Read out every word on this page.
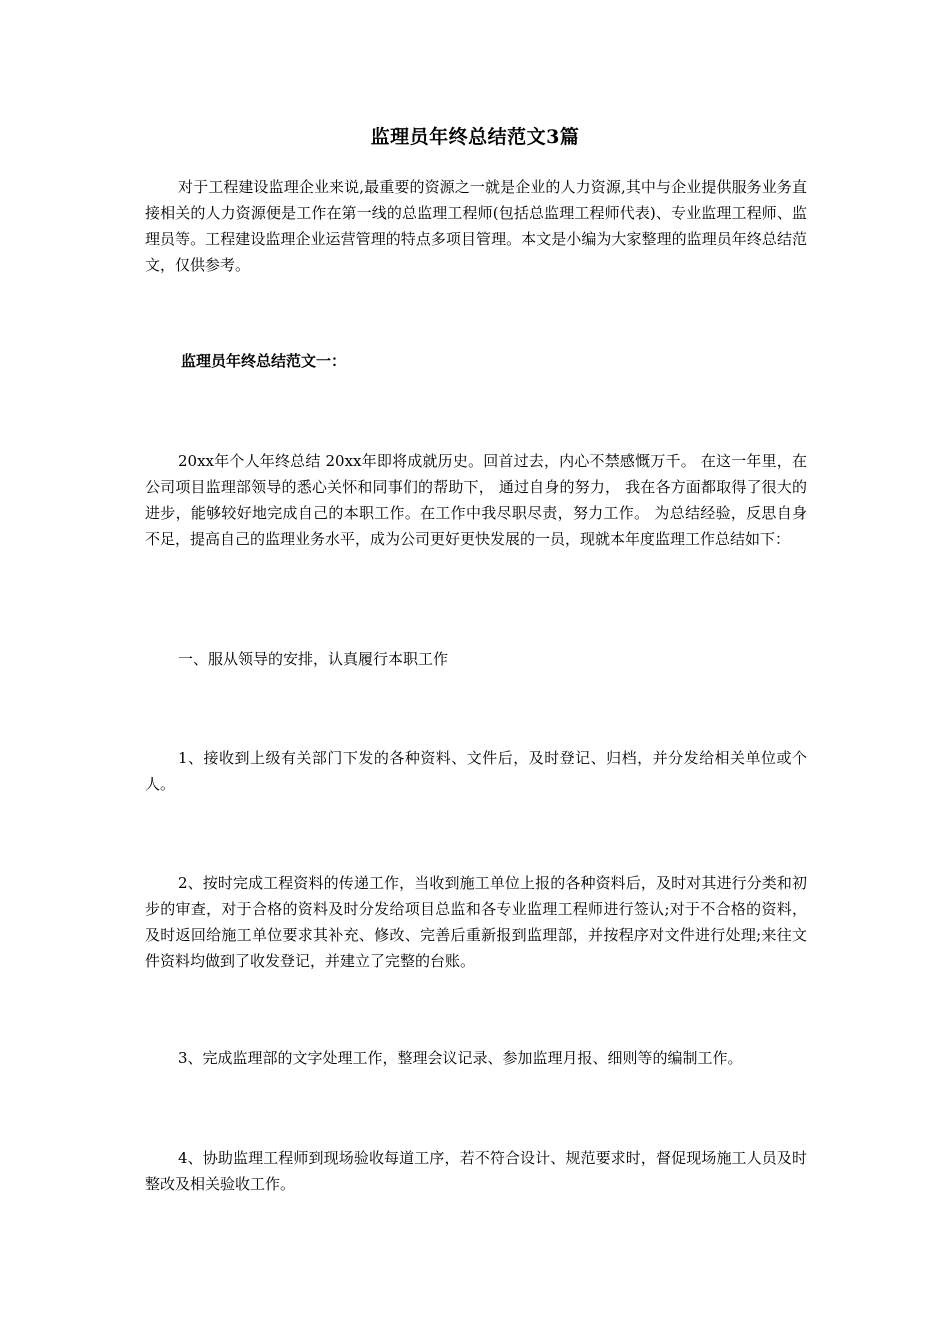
监理员年终总结范文3篇
对于工程建设监理企业来说,最重要的资源之一就是企业的人力资源,其中与企业提供服务业务直接相关的人力资源便是工作在第一线的总监理工程师(包括总监理工程师代表)、专业监理工程师、监理员等。工程建设监理企业运营管理的特点多项目管理。本文是小编为大家整理的监理员年终总结范文，仅供参考。
监理员年终总结范文一：
20xx年个人年终总结 20xx年即将成就历史。回首过去，内心不禁感慨万千。 在这一年里，在公司项目监理部领导的悉心关怀和同事们的帮助下， 通过自身的努力， 我在各方面都取得了很大的进步，能够较好地完成自己的本职工作。在工作中我尽职尽责，努力工作。 为总结经验，反思自身不足，提高自己的监理业务水平，成为公司更好更快发展的一员，现就本年度监理工作总结如下：
一、服从领导的安排，认真履行本职工作
1、接收到上级有关部门下发的各种资料、文件后，及时登记、归档，并分发给相关单位或个人。
2、按时完成工程资料的传递工作，当收到施工单位上报的各种资料后，及时对其进行分类和初步的审查，对于合格的资料及时分发给项目总监和各专业监理工程师进行签认;对于不合格的资料，及时返回给施工单位要求其补充、修改、完善后重新报到监理部，并按程序对文件进行处理;来往文件资料均做到了收发登记，并建立了完整的台账。
3、完成监理部的文字处理工作，整理会议记录、参加监理月报、细则等的编制工作。
4、协助监理工程师到现场验收每道工序，若不符合设计、规范要求时，督促现场施工人员及时整改及相关验收工作。
